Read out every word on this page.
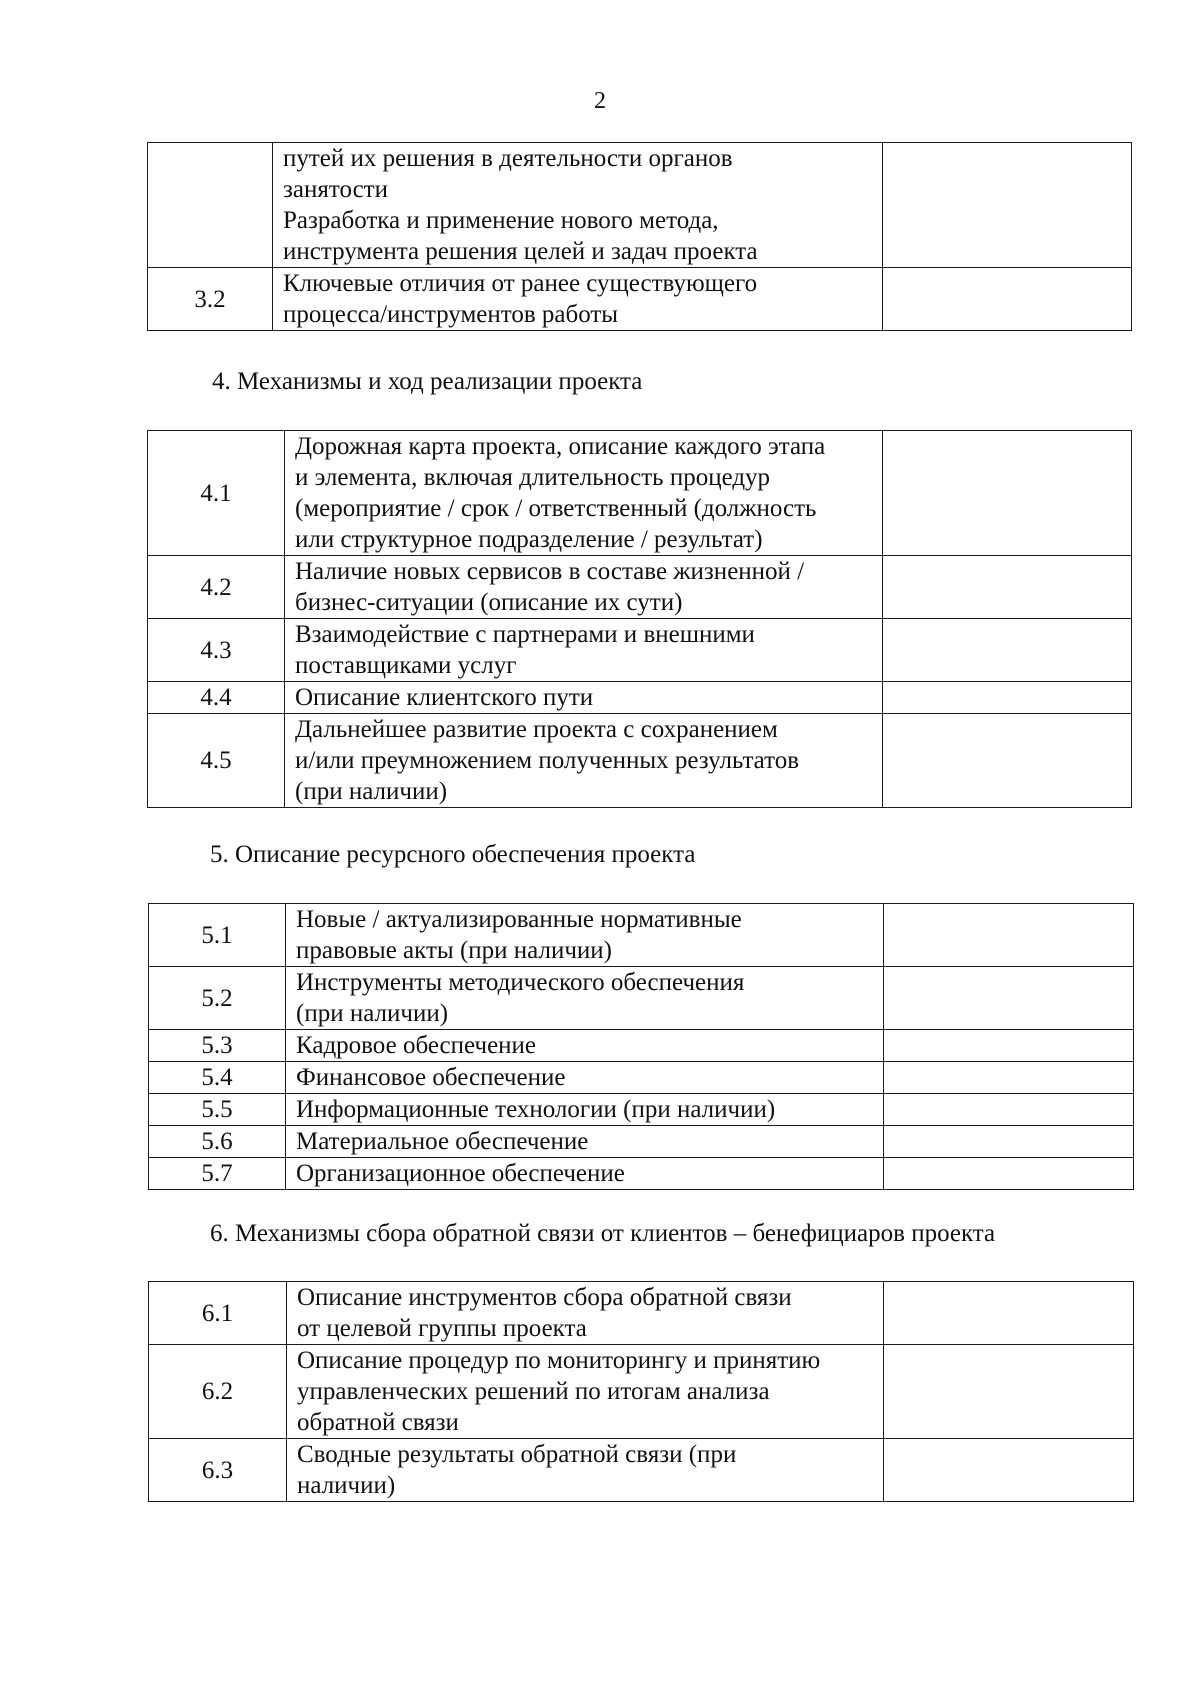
2

	путей их решения в деятельности органов
занятости
Разработка и применение нового метода,
инструмента решения целей и задач проекта	

3.2	Ключевые отличия от ранее существующего
процесса/инструментов работы	

4. Механизмы и ход реализации проекта
4.1	Дорожная карта проекта, описание каждого этапа
и элемента, включая длительность процедур
(мероприятие / срок / ответственный (должность
или структурное подразделение / результат)	

4.2	Наличие новых сервисов в составе жизненной /
бизнес-ситуации (описание их сути)	

4.3	Взаимодействие с партнерами и внешними
поставщиками услуг	

4.4	Описание клиентского пути	

4.5	Дальнейшее развитие проекта с сохранением
и/или преумножением полученных результатов
(при наличии)	

5. Описание ресурсного обеспечения проекта
5.1	Новые / актуализированные нормативные
правовые акты (при наличии)	

5.2	Инструменты методического обеспечения
(при наличии)	

5.3	Кадровое обеспечение	

5.4	Финансовое обеспечение	

5.5	Информационные технологии (при наличии)	

5.6	Материальное обеспечение	

5.7	Организационное обеспечение	

6. Механизмы сбора обратной связи от клиентов – бенефициаров проекта
6.1	Описание инструментов сбора обратной связи
от целевой группы проекта	

6.2	Описание процедур по мониторингу и принятию
управленческих решений по итогам анализа
обратной связи	

6.3	Сводные результаты обратной связи (при
наличии)	
